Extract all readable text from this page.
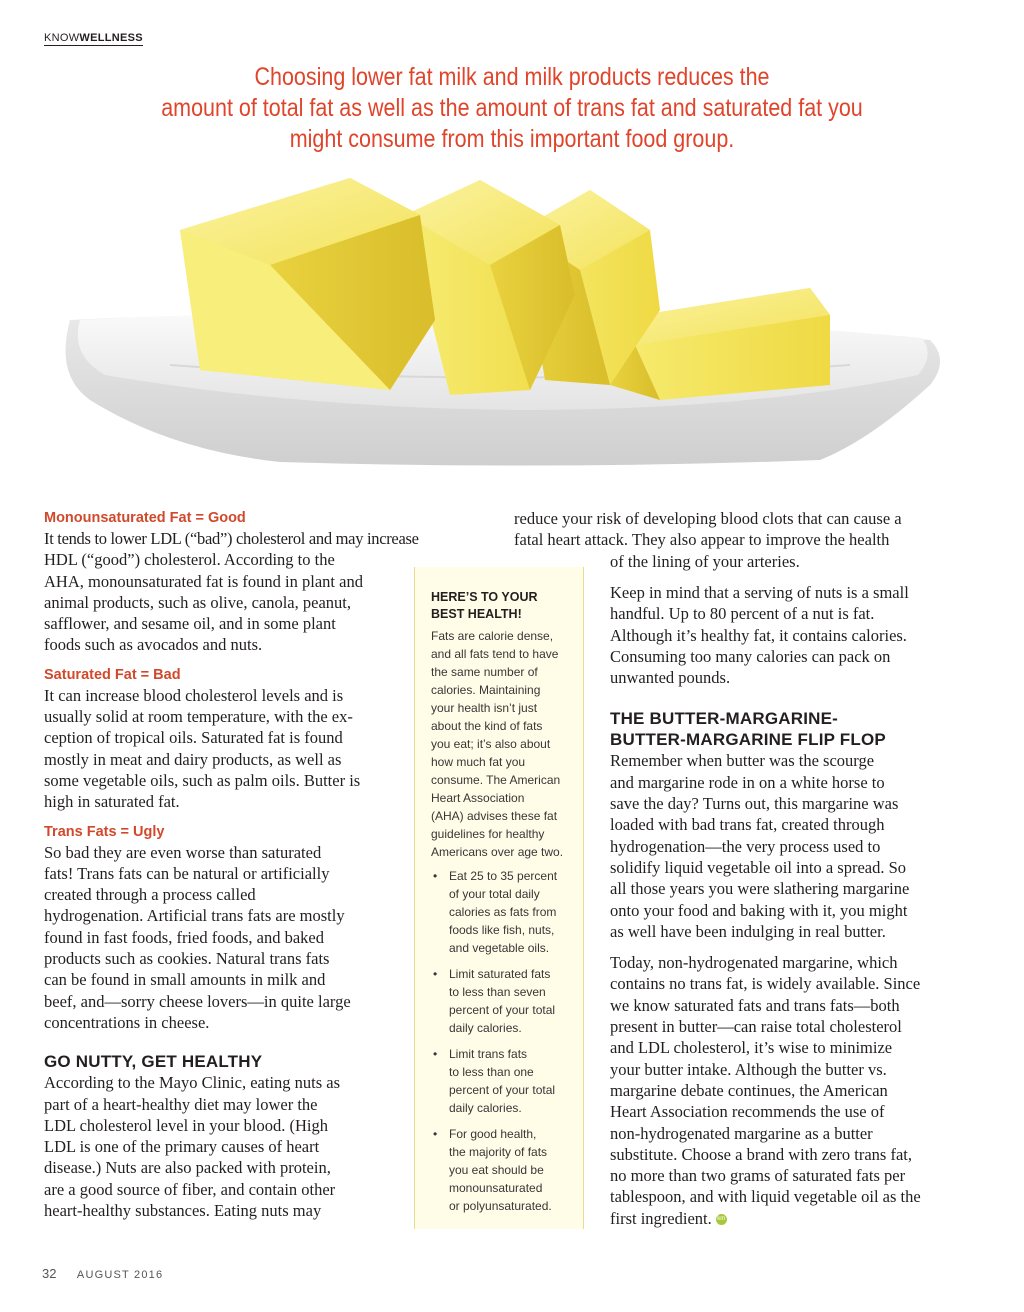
KNOWWELLNESS
Choosing lower fat milk and milk products reduces the
amount of total fat as well as the amount of trans fat and saturated fat you
might consume from this important food group.
Monounsaturated Fat = Good
It tends to lower LDL (“bad”) cholesterol and may increase
HDL (“good”) cholesterol. According to the
AHA, monounsaturated fat is found in plant and
animal products, such as olive, canola, peanut,
safflower, and sesame oil, and in some plant
foods such as avocados and nuts.
Saturated Fat = Bad
It can increase blood cholesterol levels and is
usually solid at room temperature, with the ex-
ception of tropical oils. Saturated fat is found
mostly in meat and dairy products, as well as
some vegetable oils, such as palm oils. Butter is
high in saturated fat.
Trans Fats = Ugly
So bad they are even worse than saturated
fats! Trans fats can be natural or artificially
created through a process called
hydrogenation. Artificial trans fats are mostly
found in fast foods, fried foods, and baked
products such as cookies. Natural trans fats
can be found in small amounts in milk and
beef, and—sorry cheese lovers—in quite large
concentrations in cheese.
GO NUTTY, GET HEALTHY
According to the Mayo Clinic, eating nuts as
part of a heart-healthy diet may lower the
LDL cholesterol level in your blood. (High
LDL is one of the primary causes of heart
disease.) Nuts are also packed with protein,
are a good source of fiber, and contain other
heart-healthy substances. Eating nuts may
HERE’S TO YOUR
BEST HEALTH!
Fats are calorie dense,
and all fats tend to have
the same number of
calories. Maintaining
your health isn’t just
about the kind of fats
you eat; it’s also about
how much fat you
consume. The American
Heart Association
(AHA) advises these fat
guidelines for healthy
Americans over age two.
• Eat 25 to 35 percent
of your total daily
calories as fats from
foods like fish, nuts,
and vegetable oils.
• Limit saturated fats
to less than seven
percent of your total
daily calories.
• Limit trans fats
to less than one
percent of your total
daily calories.
• For good health,
the majority of fats
you eat should be
monounsaturated
or polyunsaturated.
reduce your risk of developing blood clots that can cause a
fatal heart attack. They also appear to improve the health
of the lining of your arteries.
Keep in mind that a serving of nuts is a small
handful. Up to 80 percent of a nut is fat.
Although it’s healthy fat, it contains calories.
Consuming too many calories can pack on
unwanted pounds.
THE BUTTER-MARGARINE-
BUTTER-MARGARINE FLIP FLOP
Remember when butter was the scourge
and margarine rode in on a white horse to
save the day? Turns out, this margarine was
loaded with bad trans fat, created through
hydrogenation—the very process used to
solidify liquid vegetable oil into a spread. So
all those years you were slathering margarine
onto your food and baking with it, you might
as well have been indulging in real butter.
Today, non-hydrogenated margarine, which
contains no trans fat, is widely available. Since
we know saturated fats and trans fats—both
present in butter—can raise total cholesterol
and LDL cholesterol, it’s wise to minimize
your butter intake. Although the butter vs.
margarine debate continues, the American
Heart Association recommends the use of
non-hydrogenated margarine as a butter
substitute. Choose a brand with zero trans fat,
no more than two grams of saturated fats per
tablespoon, and with liquid vegetable oil as the
first ingredient. km
32 AUGUST 2016
